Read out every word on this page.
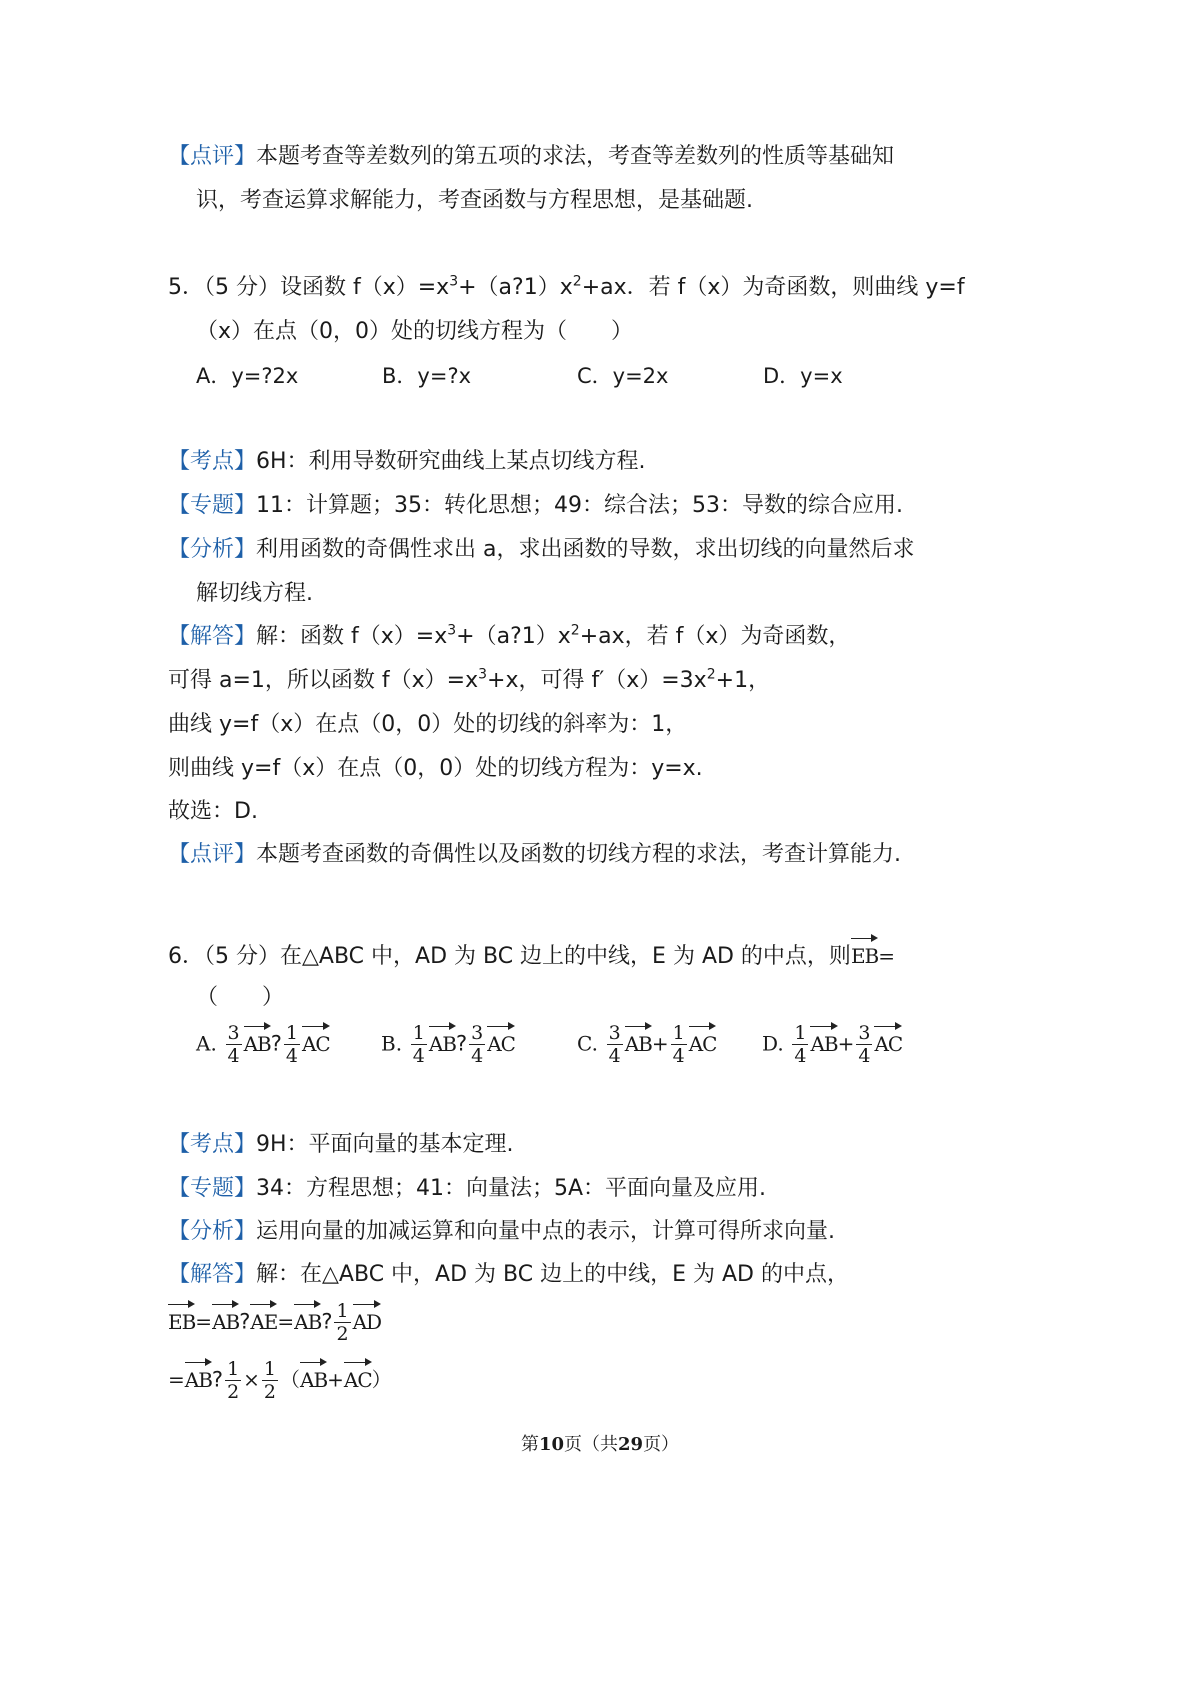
【点评】本题考查等差数列的第五项的求法，考查等差数列的性质等基础知
识，考查运算求解能力，考查函数与方程思想，是基础题.
5．（5 分）设函数 $f(x)=x^3+(a?1)x^2+ax$．若 f（x）为奇函数，则曲线 y=f
（x）在点（0，0）处的切线方程为（　　）
A．y=?2x	B．y=?x	C．y=2x	D．y=x
【考点】6H：利用导数研究曲线上某点切线方程.
【专题】11：计算题；35：转化思想；49：综合法；53：导数的综合应用.
【分析】利用函数的奇偶性求出 a，求出函数的导数，求出切线的向量然后求
解切线方程.
【解答】解：函数 $f(x)=x^3+(a?1)x^2+ax$，若 f（x）为奇函数，
可得 a=1，所以函数 $f(x)=x^3+x$，可得 $f'(x)=3x^2+1$，
曲线 y=f（x）在点（0，0）处的切线的斜率为：1，
则曲线 y=f（x）在点（0，0）处的切线方程为：y=x.
故选：D.
【点评】本题考查函数的奇偶性以及函数的切线方程的求法，考查计算能力.
6．（5 分）在△ABC 中，AD 为 BC 边上的中线，E 为 AD 的中点，则EB=
（　　）
A. $\frac{3}{4}$ AB? $\frac{1}{4}$ AC	B. $\frac{1}{4}$ AB? $\frac{3}{4}$ AC	C. $\frac{3}{4} AB+ \frac{1}{4}$ AC D. $\frac{1}{4} AB+ \frac{3}{4}$ AC
【考点】9H：平面向量的基本定理.
【专题】34：方程思想；41：向量法；5A：平面向量及应用.
【分析】运用向量的加减运算和向量中点的表示，计算可得所求向量.
【解答】解：在△ABC 中，AD 为 BC 边上的中线，E 为 AD 的中点，
EB=AB?AE=AB? $\frac{1}{2}$ AD
=AB? $\frac{1}{2} \times \frac{1}{2} (AB+AC)$
第10页（共29页）
